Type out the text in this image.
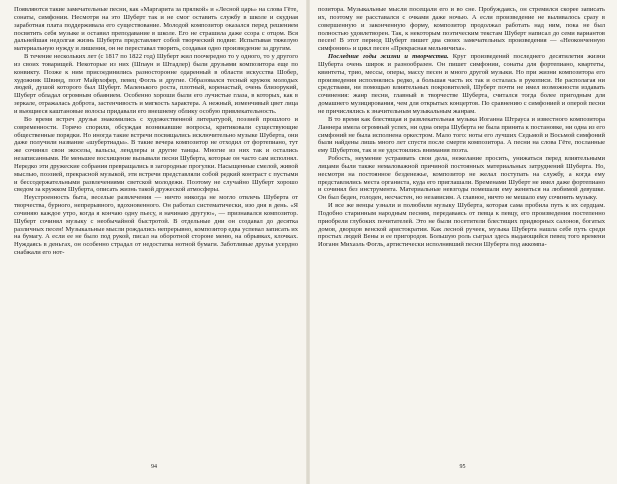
Появляются такие замечательные песни, как «Маргарита за прялкой» и «Лесной царь» на слова Гёте, сонаты, симфонии. Несмотря на это Шуберт так и не смог оставить службу в школе и скудная заработная плата поддерживала его существование. Молодой композитор оказался перед решением посвятить себя музыке и оставил преподавание в школе. Его не страшила даже ссора с отцом. Вся дальнейшая недолгая жизнь Шуберта представляет собой творческий подвиг. Испытывая тяжелую материальную нужду и лишения, он не переставал творить, создавая одно произведение за другим.

В течение нескольких лет (с 1817 по 1822 год) Шуберт жил поочередно то у одного, то у другого из своих товарищей. Некоторые из них (Шпаун и Штадлер) были друзьями композитора еще по конвикту. Позже к ним присоединились разносторонне одаренный в области искусства Шобер, художник Швинд, поэт Майрхофер, певец Фогль и другие. Образовался тесный кружок молодых людей, душой которого был Шуберт. Маленького роста, плотный, коренастый, очень близорукий, Шуберт обладал огромным обаянием. Особенно хороши были его лучистые глаза, в которых, как в зеркале, отражалась доброта, застенчивость и мягкость характера. А нежный, изменчивый цвет лица и вьющиеся каштановые волосы придавали его внешнему облику особую привлекательность.

Во время встреч друзья знакомились с художественной литературой, поэзией прошлого и современности. Горячо спорили, обсуждая возникавшие вопросы, критиковали существующие общественные порядки. Но иногда такие встречи посвящались исключительно музыке Шуберта, они даже получили название «шубертиады». В такие вечера композитор не отходил от фортепиано, тут же сочинял свои экосезы, вальсы, лендлеры и другие танцы. Многие из них так и остались незаписанными. Не меньшее восхищение вызывали песни Шуберта, которые он часто сам исполнял. Нередко эти дружеские собрания превращались в загородные прогулки. Насыщенные смелой, живой мыслью, поэзией, прекрасной музыкой, эти встречи представляли собой редкий контраст с пустыми и бессодержательными развлечениями светской молодежи. Поэтому не случайно Шуберт хорошо сведом за кружком Шуберта, описать жизнь такой дружеской атмосферы.

Неустроенность быта, веселые развлечения — ничто никогда не могло отвлечь Шуберта от творчества, бурного, непрерывного, вдохновенного. Он работал систематически, изо дня в день. «Я сочиняю каждое утро, когда я кончаю одну пьесу, я начинаю другую», — признавался композитор. Шуберт сочинял музыку с необычайной быстротой. В отдельные дни он создавал до десятка различных песен! Музыкальные мысли рождались непрерывно, композитор едва успевал записать их на бумагу. А если ее не было под рукой, писал на оборотной стороне меню, на обрывках, клочках. Нуждаясь в деньгах, он особенно страдал от недостатка нотной бумаги. Заботливые друзья усердно снабжали его нот-

94

позитора. Музыкальные мысли посещали его и во сне. Пробуждаясь, он стремился скорее записать их, поэтому не расставался с очками даже ночью. А если произведение не выливалось сразу в совершенную и законченную форму, композитор продолжал работать над ним, пока не был полностью удовлетворен. Так, к некоторым поэтическим текстам Шуберт написал до семи вариантов песен! В этот период Шуберт пишет два своих замечательных произведения — «Неоконченную симфонию» и цикл песен «Прекрасная мельничиха».

Последние годы жизни и творчества. Круг произведений последнего десятилетия жизни Шуберта очень широк и разнообразен. Он пишет симфонии, сонаты для фортепиано, квартеты, квинтеты, трио, мессы, оперы, массу песен и много другой музыки. Но при жизни композитора его произведения исполнялись редко, а большая часть их так и осталась в рукописи. Не располагая ни средствами, ни помощью влиятельных покровителей, Шуберт почти не имел возможности издавать сочинения: жанр песни, главный в творчестве Шуберта, считался тогда более пригодным для домашнего музицирования, чем для открытых концертов. По сравнению с симфонией и оперой песни не причислялись к значительным музыкальным жанрам.

В то время как блестящая и развлекательная музыка Иоганна Штрауса и известного композитора Ланнера имела огромный успех, ни одна опера Шуберта не была принята к постановке, ни одна из его симфоний не была исполнена оркестром. Мало того: ноты его лучших Седьмой и Восьмой симфоний были найдены лишь много лет спустя после смерти композитора. А песни на слова Гёте, посланные ему Шубертом, так и не удостоились внимания поэта.

Робость, неумение устраивать свои дела, нежелание просить, унижаться перед влиятельными лицами были также немаловажной причиной постоянных материальных затруднений Шуберта. Но, несмотря на постоянное безденежье, композитор не желал поступать на службу, а когда ему представлялись места органиста, куда его приглашали. Временами Шуберт не имел даже фортепиано и сочинял без инструмента. Материальные невзгоды помешали ему жениться на любимой девушке. Он был беден, голоден, несчастен, но независим. А главное, ничто не мешало ему сочинять музыку.

И все же венцы узнали и полюбили музыку Шуберта, которая сама пробила путь к их сердцам. Подобно старинным народным песням, передаваясь от певца к певцу, его произведения постепенно приобрели глубоких почитателей. Это не были посетители блестящих придворных салонов, богатых домов, дворцов венской аристократии. Как лесной ручеек, музыка Шуберта нашла себе путь среди простых людей Вены и ее пригородов. Большую роль сыграл здесь выдающийся певец того времени Иоганн Михаэль Фогль, артистически исполнявший песни Шуберта под аккомпа-

95
